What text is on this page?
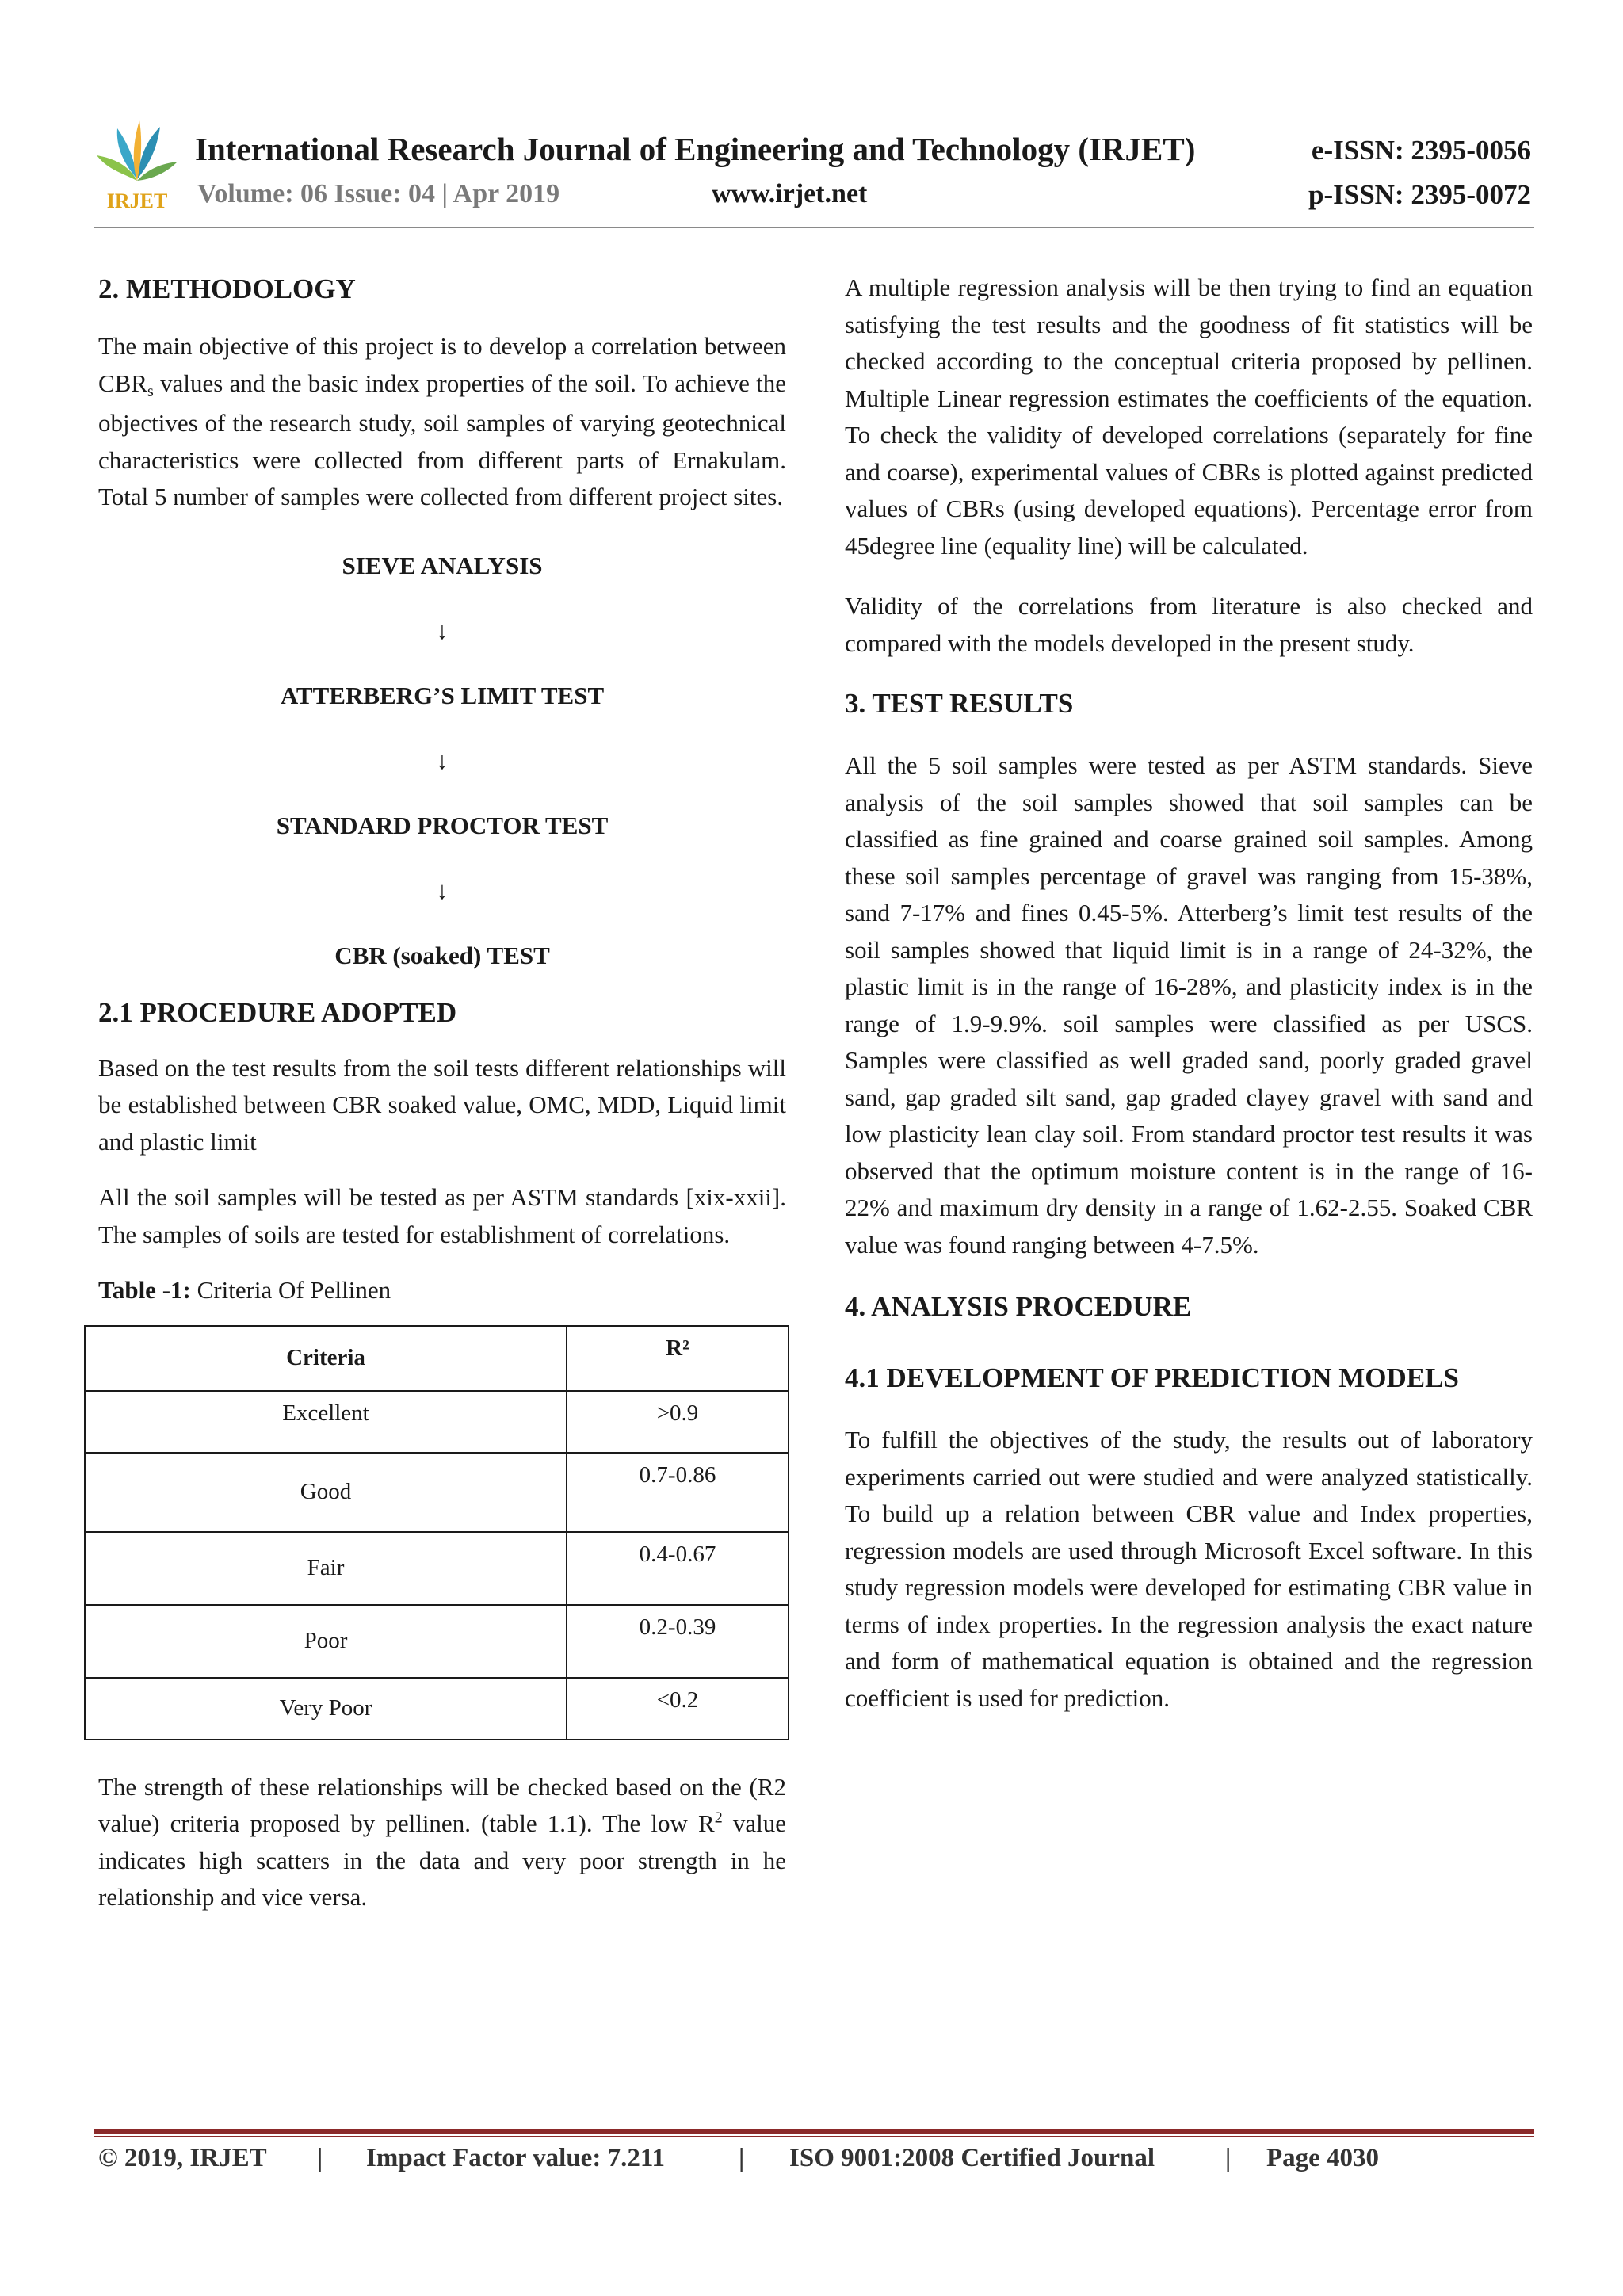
IRJET
International Research Journal of Engineering and Technology (IRJET)	e-ISSN: 2395-0056
Volume: 06 Issue: 04 | Apr 2019	www.irjet.net	p-ISSN: 2395-0072
2. METHODOLOGY

The main objective of this project is to develop a correlation between CBRs values and the basic index properties of the soil. To achieve the objectives of the research study, soil samples of varying geotechnical characteristics were collected from different parts of Ernakulam. Total 5 number of samples were collected from different project sites.

SIEVE ANALYSIS
↓
ATTERBERG’S LIMIT TEST
↓
STANDARD PROCTOR TEST
↓
CBR (soaked) TEST
2.1 PROCEDURE ADOPTED

Based on the test results from the soil tests different relationships will be established between CBR soaked value, OMC, MDD, Liquid limit and plastic limit

All the soil samples will be tested as per ASTM standards [xix-xxii]. The samples of soils are tested for establishment of correlations.

Table -1: Criteria Of Pellinen
Criteria	R²
Excellent	>0.9
Good	0.7-0.86
Fair	0.4-0.67
Poor	0.2-0.39
Very Poor	<0.2

The strength of these relationships will be checked based on the (R2 value) criteria proposed by pellinen. (table 1.1). The low $R^2$ value indicates high scatters in the data and very poor strength in he relationship and vice versa.

A multiple regression analysis will be then trying to find an equation satisfying the test results and the goodness of fit statistics will be checked according to the conceptual criteria proposed by pellinen. Multiple Linear regression estimates the coefficients of the equation. To check the validity of developed correlations (separately for fine and coarse), experimental values of CBRs is plotted against predicted values of CBRs (using developed equations). Percentage error from 45degree line (equality line) will be calculated.

Validity of the correlations from literature is also checked and compared with the models developed in the present study.

3. TEST RESULTS

All the 5 soil samples were tested as per ASTM standards. Sieve analysis of the soil samples showed that soil samples can be classified as fine grained and coarse grained soil samples. Among these soil samples percentage of gravel was ranging from 15-38%, sand 7-17% and fines 0.45-5%. Atterberg’s limit test results of the soil samples showed that liquid limit is in a range of 24-32%, the plastic limit is in the range of 16-28%, and plasticity index is in the range of 1.9-9.9%. soil samples were classified as per USCS. Samples were classified as well graded sand, poorly graded gravel sand, gap graded silt sand, gap graded clayey gravel with sand and low plasticity lean clay soil. From standard proctor test results it was observed that the optimum moisture content is in the range of 16-22% and maximum dry density in a range of 1.62-2.55. Soaked CBR value was found ranging between 4-7.5%.

4. ANALYSIS PROCEDURE
4.1 DEVELOPMENT OF PREDICTION MODELS

To fulfill the objectives of the study, the results out of laboratory experiments carried out were studied and were analyzed statistically. To build up a relation between CBR value and Index properties, regression models are used through Microsoft Excel software. In this study regression models were developed for estimating CBR value in terms of index properties. In the regression analysis the exact nature and form of mathematical equation is obtained and the regression coefficient is used for prediction.

© 2019, IRJET | Impact Factor value: 7.211	| ISO 9001:2008 Certified Journal	| Page 4030
